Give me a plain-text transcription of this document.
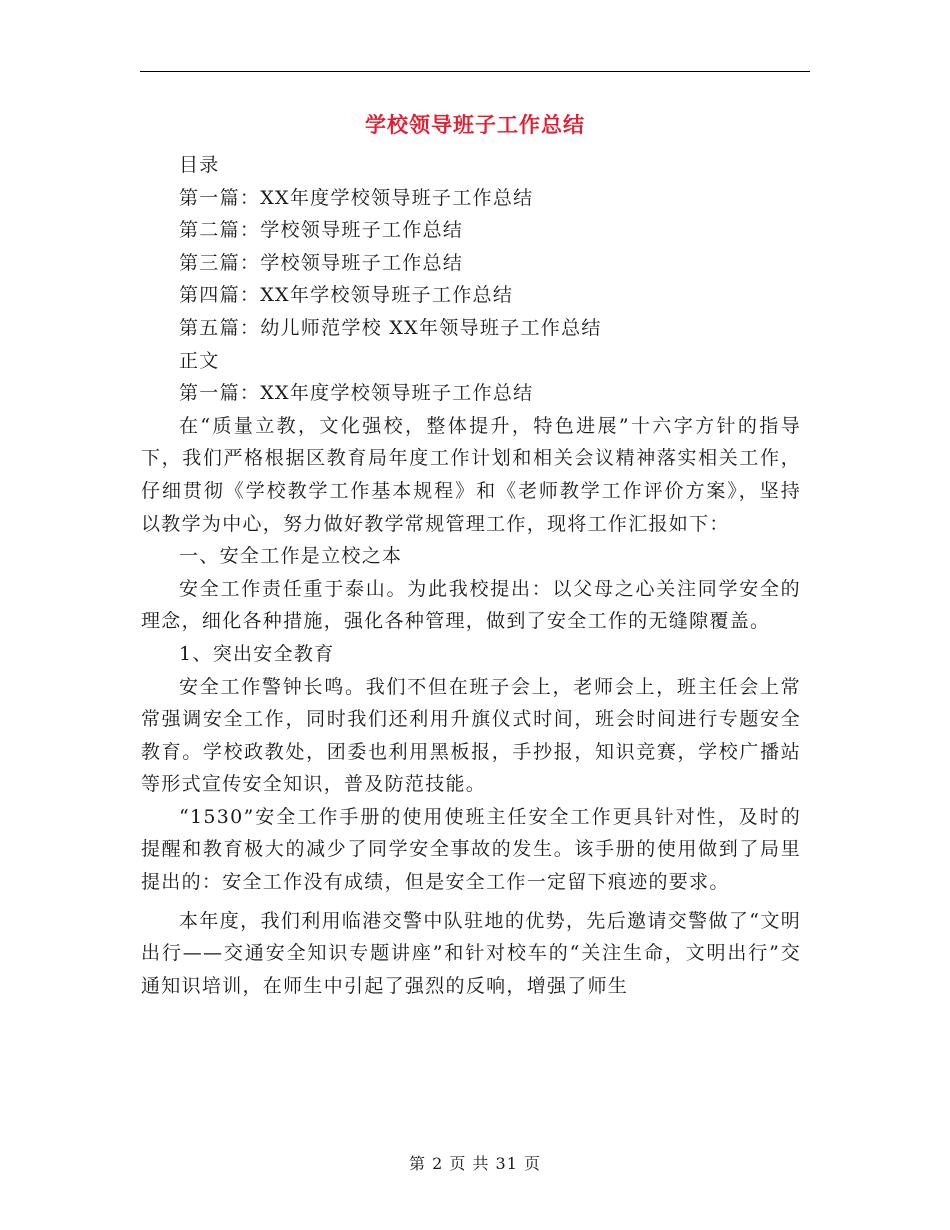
学校领导班子工作总结

目录

第一篇：XX年度学校领导班子工作总结

第二篇：学校领导班子工作总结

第三篇：学校领导班子工作总结

第四篇：XX年学校领导班子工作总结

第五篇：幼儿师范学校 XX年领导班子工作总结

正文

第一篇：XX年度学校领导班子工作总结

在“质量立教，文化强校，整体提升，特色进展”十六字方针的指导下，我们严格根据区教育局年度工作计划和相关会议精神落实相关工作，仔细贯彻《学校教学工作基本规程》和《老师教学工作评价方案》，坚持以教学为中心，努力做好教学常规管理工作，现将工作汇报如下：

一、安全工作是立校之本

安全工作责任重于泰山。为此我校提出：以父母之心关注同学安全的理念，细化各种措施，强化各种管理，做到了安全工作的无缝隙覆盖。

1、突出安全教育

安全工作警钟长鸣。我们不但在班子会上，老师会上，班主任会上常常强调安全工作，同时我们还利用升旗仪式时间，班会时间进行专题安全教育。学校政教处，团委也利用黑板报，手抄报，知识竞赛，学校广播站等形式宣传安全知识，普及防范技能。

“1530”安全工作手册的使用使班主任安全工作更具针对性，及时的提醒和教育极大的减少了同学安全事故的发生。该手册的使用做到了局里提出的：安全工作没有成绩，但是安全工作一定留下痕迹的要求。

本年度，我们利用临港交警中队驻地的优势，先后邀请交警做了“文明出行——交通安全知识专题讲座”和针对校车的“关注生命，文明出行”交通知识培训，在师生中引起了强烈的反响，增强了师生

第 2 页 共 31 页
